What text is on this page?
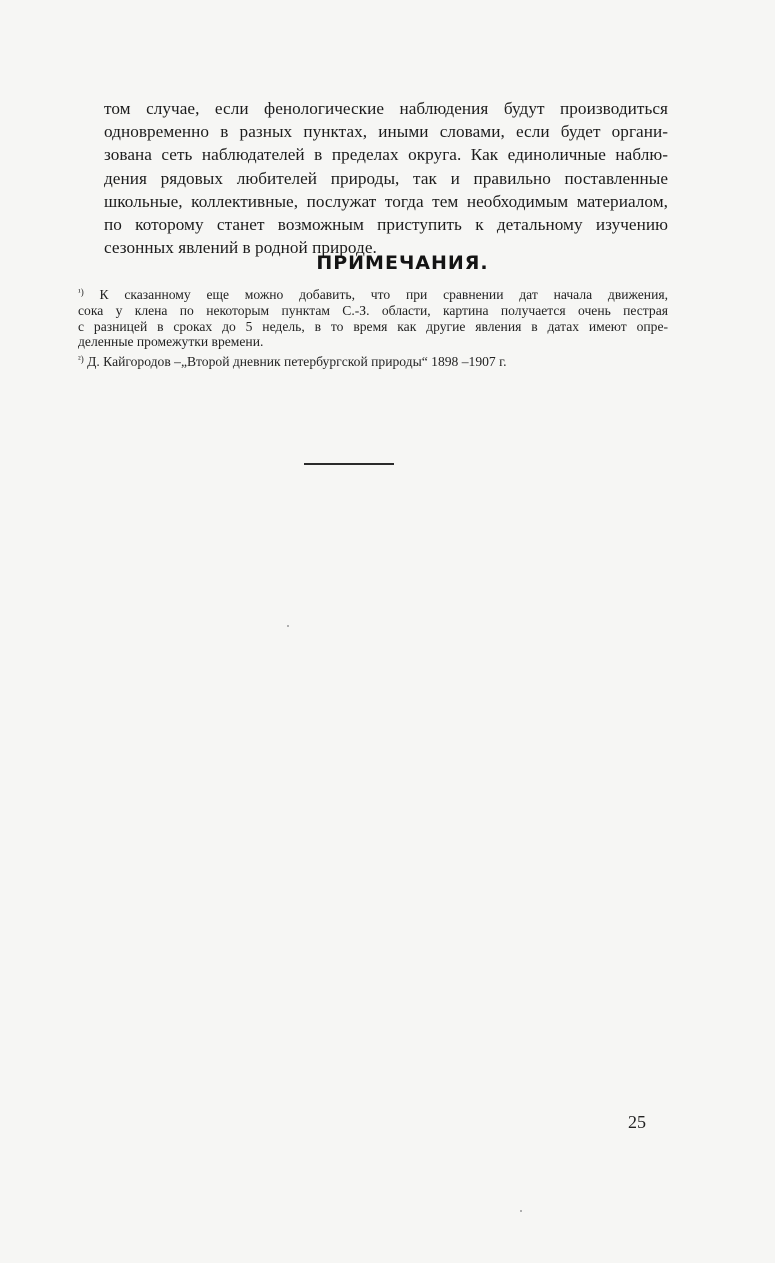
том случае, если фенологические наблюдения будут производиться
одновременно в разных пунктах, иными словами, если будет органи-
зована сеть наблюдателей в пределах округа. Как единоличные наблю-
дения рядовых любителей природы, так и правильно поставленные
школьные, коллективные, послужат тогда тем необходимым материалом,
по которому станет возможным приступить к детальному изучению
сезонных явлений в родной природе.
ПРИМЕЧАНИЯ.
$^{^1)}$ К сказанному еще можно добавить, что при сравнении дат начала движения,
сока у клена по некоторым пунктам С.-З. области, картина получается очень пестрая
с разницей в сроках до 5 недель, в то время как другие явления в датах имеют опре-
деленные промежутки времени.
$^{^2)}$ Д. Кайгородов –„Второй дневник петербургской природы“ 1898 –1907 г.
25
